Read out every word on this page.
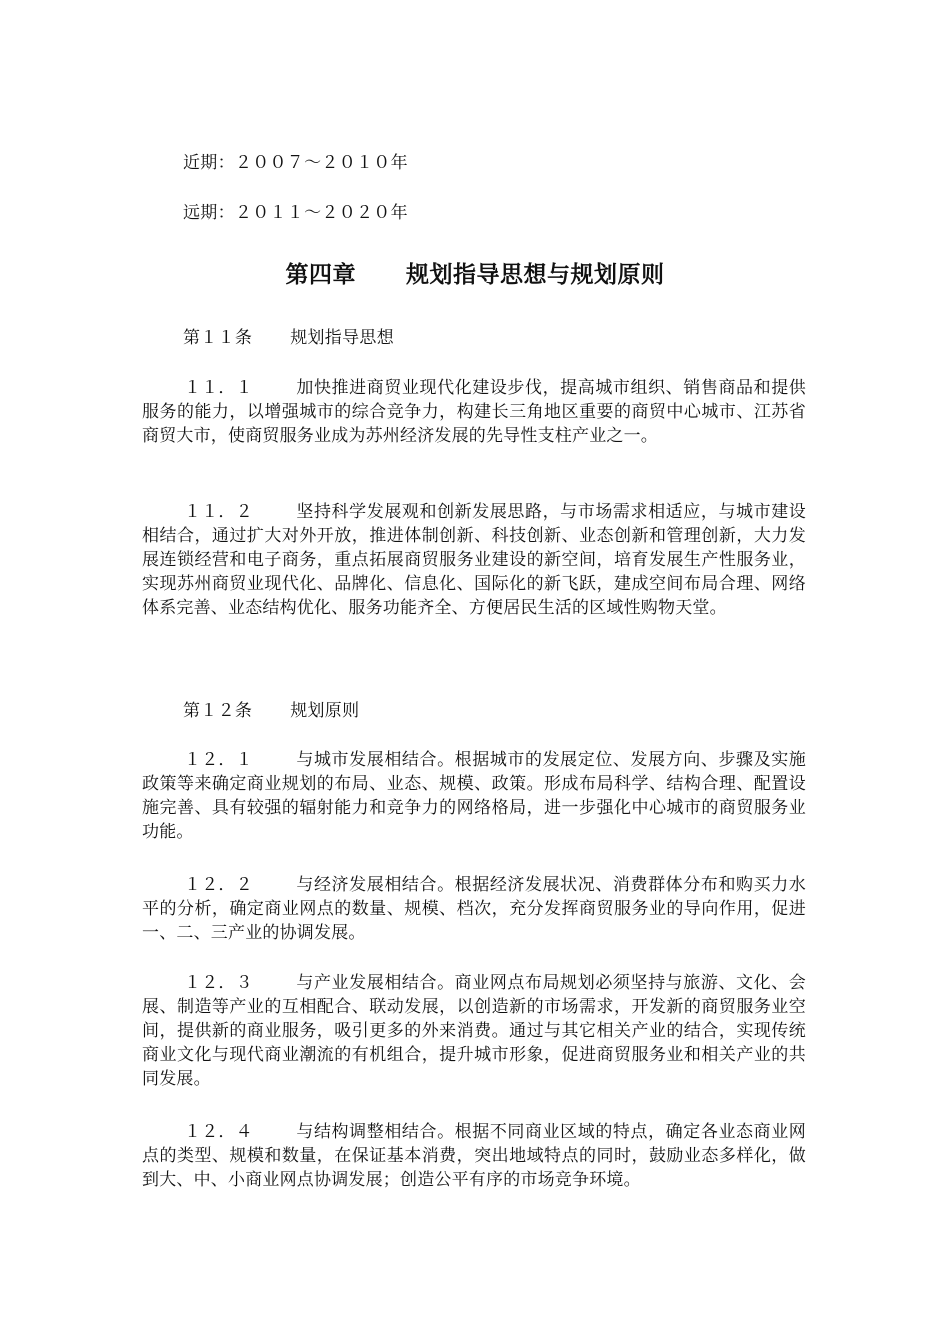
近期：２００７～２０１０年
远期：２０１１～２０２０年
第四章 规划指导思想与规划原则
第１１条 规划指导思想
１１．１	加快推进商贸业现代化建设步伐，提高城市组织、销售商品和提供服务的能力，以增强城市的综合竞争力，构建长三角地区重要的商贸中心城市、江苏省商贸大市，使商贸服务业成为苏州经济发展的先导性支柱产业之一。
１１．２	坚持科学发展观和创新发展思路，与市场需求相适应，与城市建设相结合，通过扩大对外开放，推进体制创新、科技创新、业态创新和管理创新，大力发展连锁经营和电子商务，重点拓展商贸服务业建设的新空间，培育发展生产性服务业，实现苏州商贸业现代化、品牌化、信息化、国际化的新飞跃，建成空间布局合理、网络体系完善、业态结构优化、服务功能齐全、方便居民生活的区域性购物天堂。
第１２条 规划原则
１２．１	与城市发展相结合。根据城市的发展定位、发展方向、步骤及实施政策等来确定商业规划的布局、业态、规模、政策。形成布局科学、结构合理、配置设施完善、具有较强的辐射能力和竞争力的网络格局，进一步强化中心城市的商贸服务业功能。
１２．２	与经济发展相结合。根据经济发展状况、消费群体分布和购买力水平的分析，确定商业网点的数量、规模、档次，充分发挥商贸服务业的导向作用，促进一、二、三产业的协调发展。
１２．３	与产业发展相结合。商业网点布局规划必须坚持与旅游、文化、会展、制造等产业的互相配合、联动发展，以创造新的市场需求，开发新的商贸服务业空间，提供新的商业服务，吸引更多的外来消费。通过与其它相关产业的结合，实现传统商业文化与现代商业潮流的有机组合，提升城市形象，促进商贸服务业和相关产业的共同发展。
１２．４	与结构调整相结合。根据不同商业区域的特点，确定各业态商业网点的类型、规模和数量，在保证基本消费，突出地域特点的同时，鼓励业态多样化，做到大、中、小商业网点协调发展；创造公平有序的市场竞争环境。
